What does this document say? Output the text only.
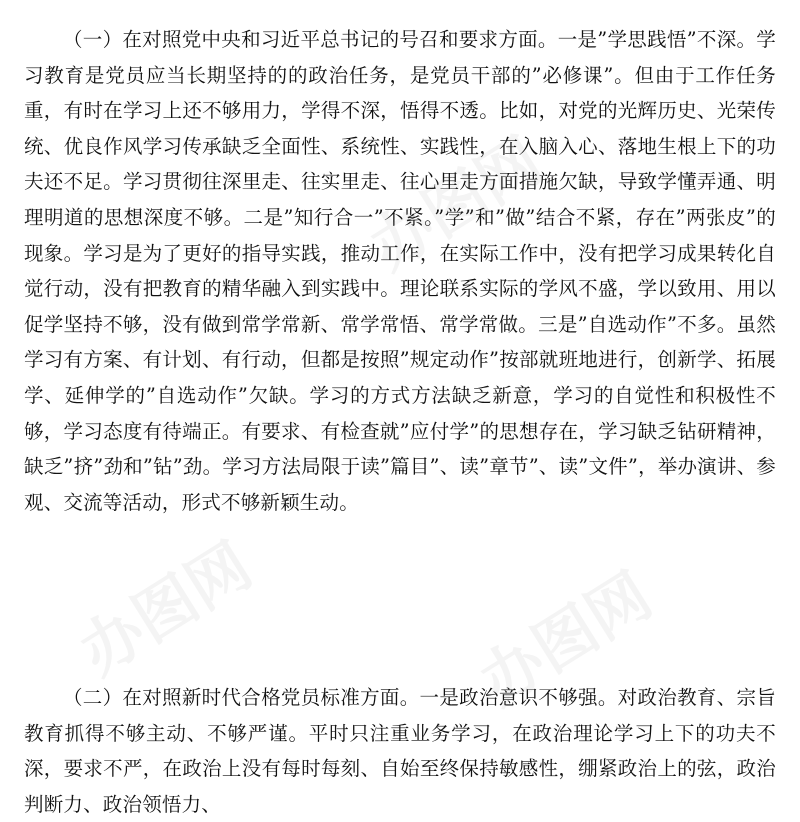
（一）在对照党中央和习近平总书记的号召和要求方面。一是”学思践悟”不深。学习教育是党员应当长期坚持的的政治任务，是党员干部的”必修课”。但由于工作任务重，有时在学习上还不够用力，学得不深，悟得不透。比如，对党的光辉历史、光荣传统、优良作风学习传承缺乏全面性、系统性、实践性，在入脑入心、落地生根上下的功夫还不足。学习贯彻往深里走、往实里走、往心里走方面措施欠缺，导致学懂弄通、明理明道的思想深度不够。二是”知行合一”不紧。”学”和”做”结合不紧，存在”两张皮”的现象。学习是为了更好的指导实践，推动工作，在实际工作中，没有把学习成果转化自觉行动，没有把教育的精华融入到实践中。理论联系实际的学风不盛，学以致用、用以促学坚持不够，没有做到常学常新、常学常悟、常学常做。三是”自选动作”不多。虽然学习有方案、有计划、有行动，但都是按照”规定动作”按部就班地进行，创新学、拓展学、延伸学的”自选动作”欠缺。学习的方式方法缺乏新意，学习的自觉性和积极性不够，学习态度有待端正。有要求、有检查就”应付学”的思想存在，学习缺乏钻研精神，缺乏”挤”劲和”钻”劲。学习方法局限于读”篇目”、读”章节”、读”文件”，举办演讲、参观、交流等活动，形式不够新颖生动。

（二）在对照新时代合格党员标准方面。一是政治意识不够强。对政治教育、宗旨教育抓得不够主动、不够严谨。平时只注重业务学习，在政治理论学习上下的功夫不深，要求不严，在政治上没有每时每刻、自始至终保持敏感性，绷紧政治上的弦，政治判断力、政治领悟力、

办图网
办图网	办图网
